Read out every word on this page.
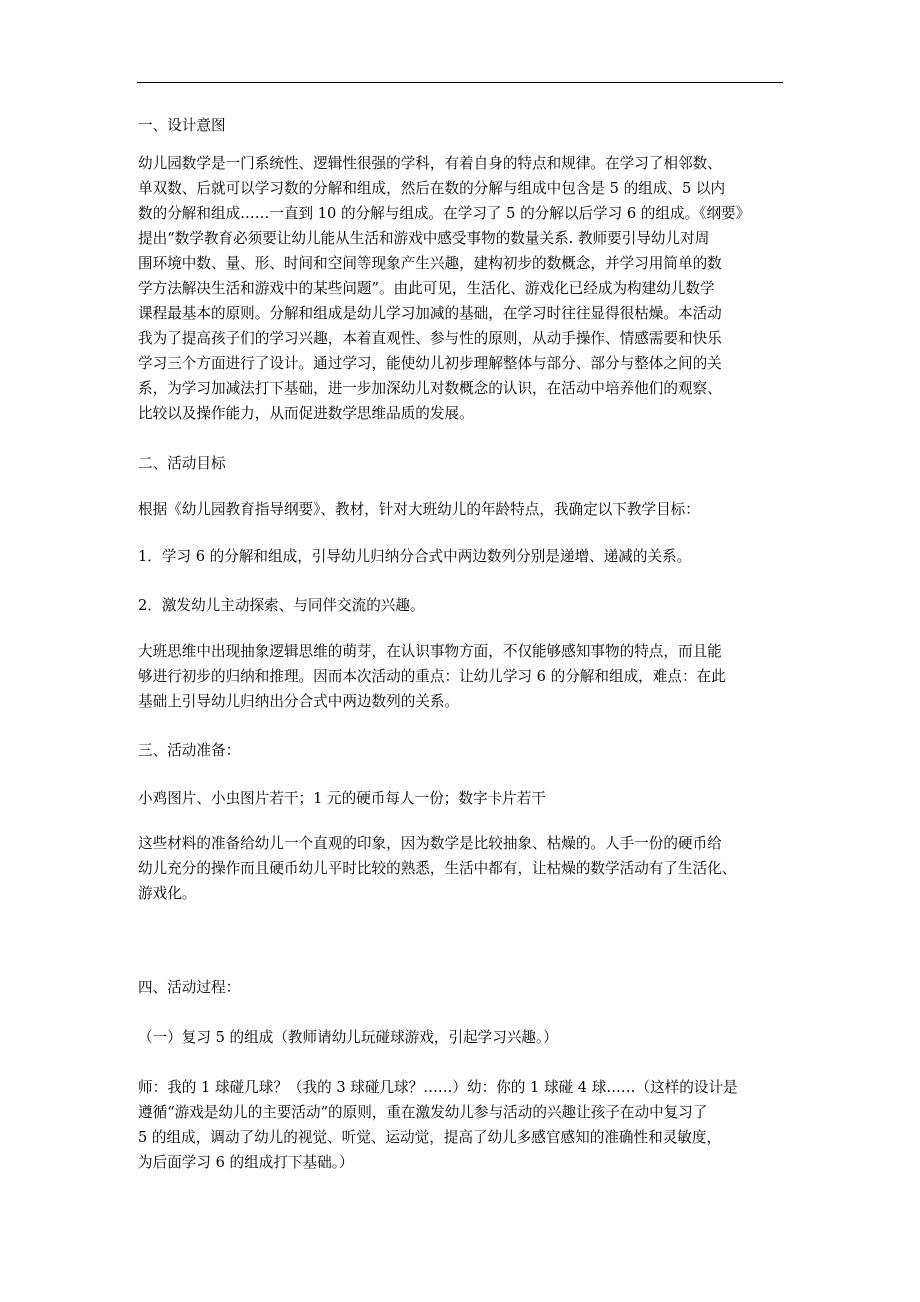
一、设计意图
幼儿园数学是一门系统性、逻辑性很强的学科，有着自身的特点和规律。在学习了相邻数、
单双数、后就可以学习数的分解和组成，然后在数的分解与组成中包含是 5 的组成、5 以内
数的分解和组成……一直到 10 的分解与组成。在学习了 5 的分解以后学习 6 的组成。《纲要》
提出“数学教育必须要让幼儿能从生活和游戏中感受事物的数量关系. 教师要引导幼儿对周
围环境中数、量、形、时间和空间等现象产生兴趣，建构初步的数概念，并学习用简单的数
学方法解决生活和游戏中的某些问题”。由此可见，生活化、游戏化已经成为构建幼儿数学
课程最基本的原则。分解和组成是幼儿学习加减的基础，在学习时往往显得很枯燥。本活动
我为了提高孩子们的学习兴趣，本着直观性、参与性的原则，从动手操作、情感需要和快乐
学习三个方面进行了设计。通过学习，能使幼儿初步理解整体与部分、部分与整体之间的关
系，为学习加减法打下基础，进一步加深幼儿对数概念的认识，在活动中培养他们的观察、
比较以及操作能力，从而促进数学思维品质的发展。
二、活动目标
根据《幼儿园教育指导纲要》、教材，针对大班幼儿的年龄特点，我确定以下教学目标：
1．学习 6 的分解和组成，引导幼儿归纳分合式中两边数列分别是递增、递减的关系。
2．激发幼儿主动探索、与同伴交流的兴趣。
大班思维中出现抽象逻辑思维的萌芽，在认识事物方面，不仅能够感知事物的特点，而且能
够进行初步的归纳和推理。因而本次活动的重点：让幼儿学习 6 的分解和组成，难点：在此
基础上引导幼儿归纳出分合式中两边数列的关系。
三、活动准备：
小鸡图片、小虫图片若干；1 元的硬币每人一份；数字卡片若干
这些材料的准备给幼儿一个直观的印象，因为数学是比较抽象、枯燥的。人手一份的硬币给
幼儿充分的操作而且硬币幼儿平时比较的熟悉，生活中都有，让枯燥的数学活动有了生活化、
游戏化。
四、活动过程：
（一）复习 5 的组成（教师请幼儿玩碰球游戏，引起学习兴趣。）
师：我的 1 球碰几球？（我的 3 球碰几球？……）幼：你的 1 球碰 4 球……（这样的设计是
遵循“游戏是幼儿的主要活动”的原则，重在激发幼儿参与活动的兴趣让孩子在动中复习了
5 的组成，调动了幼儿的视觉、听觉、运动觉，提高了幼儿多感官感知的准确性和灵敏度，
为后面学习 6 的组成打下基础。）
